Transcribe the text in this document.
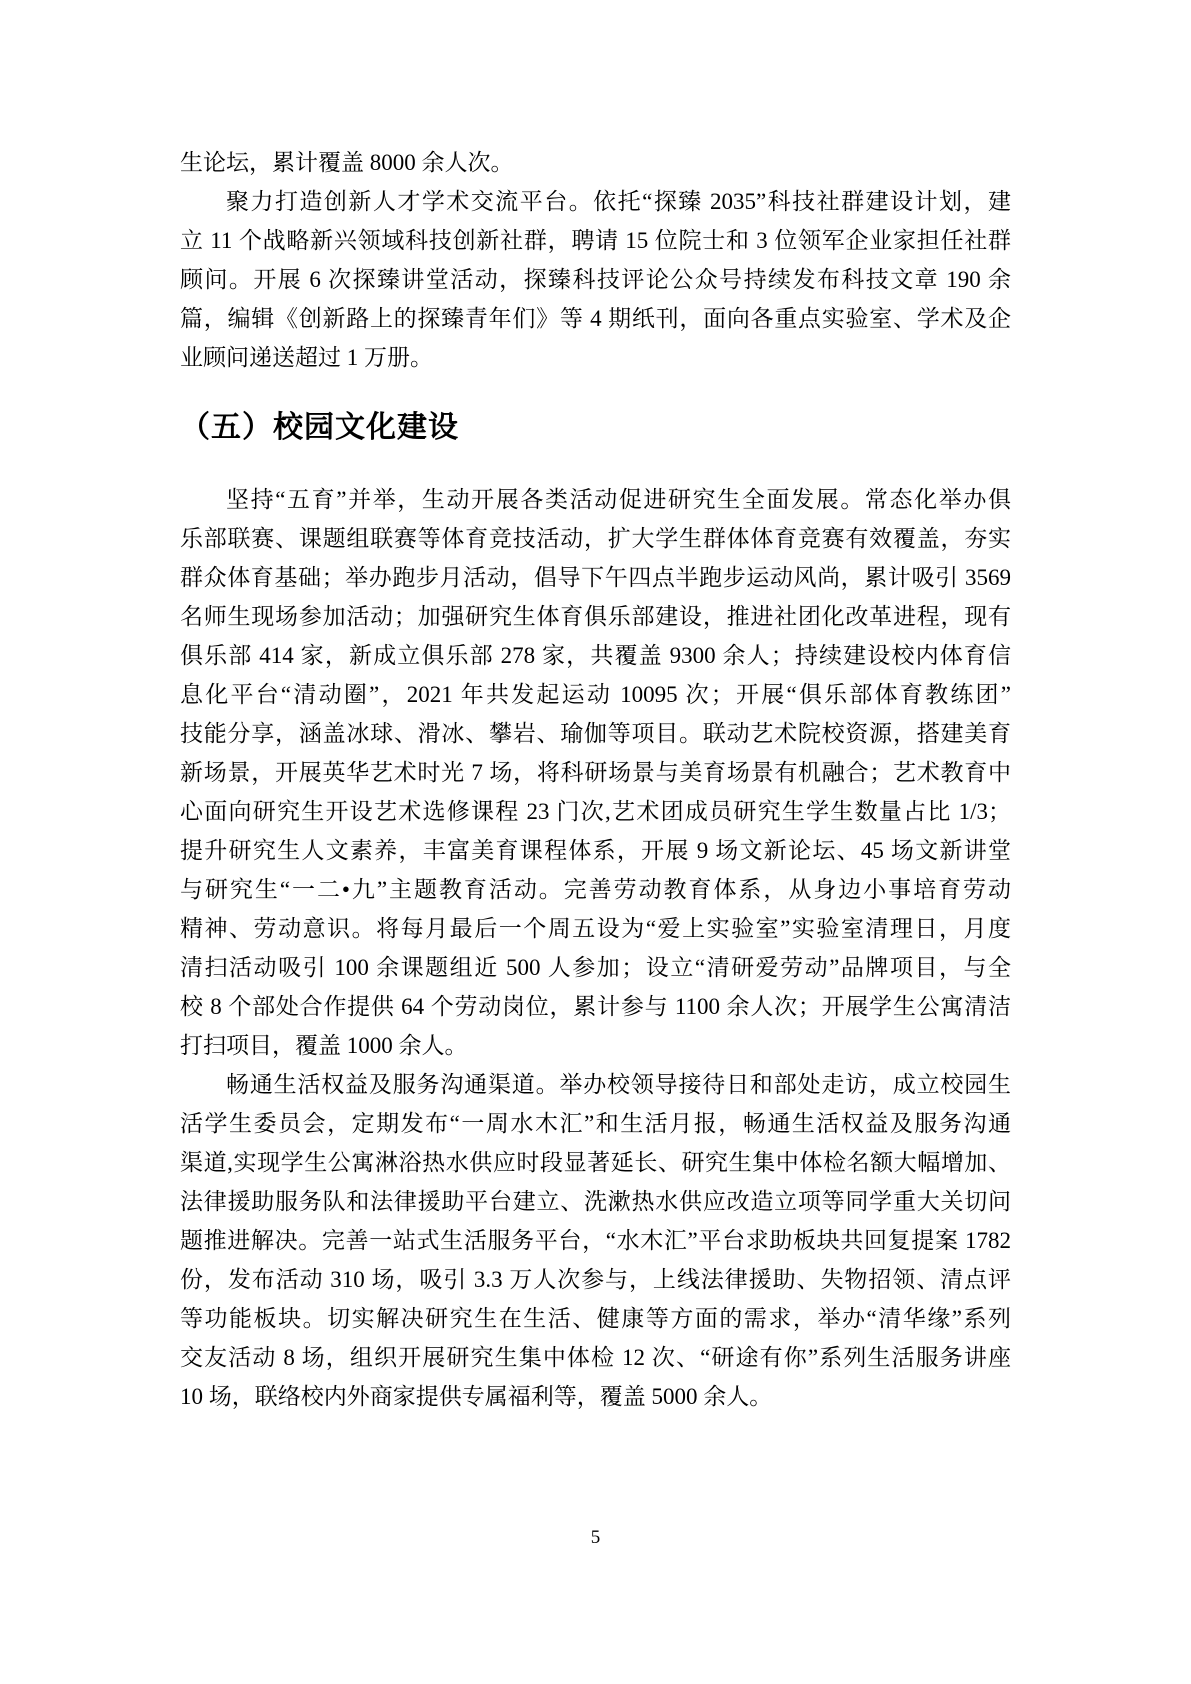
生论坛，累计覆盖 8000 余人次。
聚力打造创新人才学术交流平台。依托“探臻 2035”科技社群建设计划，建
立 11 个战略新兴领域科技创新社群，聘请 15 位院士和 3 位领军企业家担任社群
顾问。开展 6 次探臻讲堂活动，探臻科技评论公众号持续发布科技文章 190 余
篇，编辑《创新路上的探臻青年们》等 4 期纸刊，面向各重点实验室、学术及企
业顾问递送超过 1 万册。
（五）校园文化建设
坚持“五育”并举，生动开展各类活动促进研究生全面发展。常态化举办俱
乐部联赛、课题组联赛等体育竞技活动，扩大学生群体体育竞赛有效覆盖，夯实
群众体育基础；举办跑步月活动，倡导下午四点半跑步运动风尚，累计吸引 3569
名师生现场参加活动；加强研究生体育俱乐部建设，推进社团化改革进程，现有
俱乐部 414 家，新成立俱乐部 278 家，共覆盖 9300 余人；持续建设校内体育信
息化平台“清动圈”，2021 年共发起运动 10095 次；开展“俱乐部体育教练团”
技能分享，涵盖冰球、滑冰、攀岩、瑜伽等项目。联动艺术院校资源，搭建美育
新场景，开展英华艺术时光 7 场，将科研场景与美育场景有机融合；艺术教育中
心面向研究生开设艺术选修课程 23 门次,艺术团成员研究生学生数量占比 1/3；
提升研究生人文素养，丰富美育课程体系，开展 9 场文新论坛、45 场文新讲堂
与研究生“一二•九”主题教育活动。完善劳动教育体系，从身边小事培育劳动
精神、劳动意识。将每月最后一个周五设为“爱上实验室”实验室清理日，月度
清扫活动吸引 100 余课题组近 500 人参加；设立“清研爱劳动”品牌项目，与全
校 8 个部处合作提供 64 个劳动岗位，累计参与 1100 余人次；开展学生公寓清洁
打扫项目，覆盖 1000 余人。
畅通生活权益及服务沟通渠道。举办校领导接待日和部处走访，成立校园生
活学生委员会，定期发布“一周水木汇”和生活月报，畅通生活权益及服务沟通
渠道,实现学生公寓淋浴热水供应时段显著延长、研究生集中体检名额大幅增加、
法律援助服务队和法律援助平台建立、洗漱热水供应改造立项等同学重大关切问
题推进解决。完善一站式生活服务平台，“水木汇”平台求助板块共回复提案 1782
份，发布活动 310 场，吸引 3.3 万人次参与，上线法律援助、失物招领、清点评
等功能板块。切实解决研究生在生活、健康等方面的需求，举办“清华缘”系列
交友活动 8 场，组织开展研究生集中体检 12 次、“研途有你”系列生活服务讲座
10 场，联络校内外商家提供专属福利等，覆盖 5000 余人。
5
